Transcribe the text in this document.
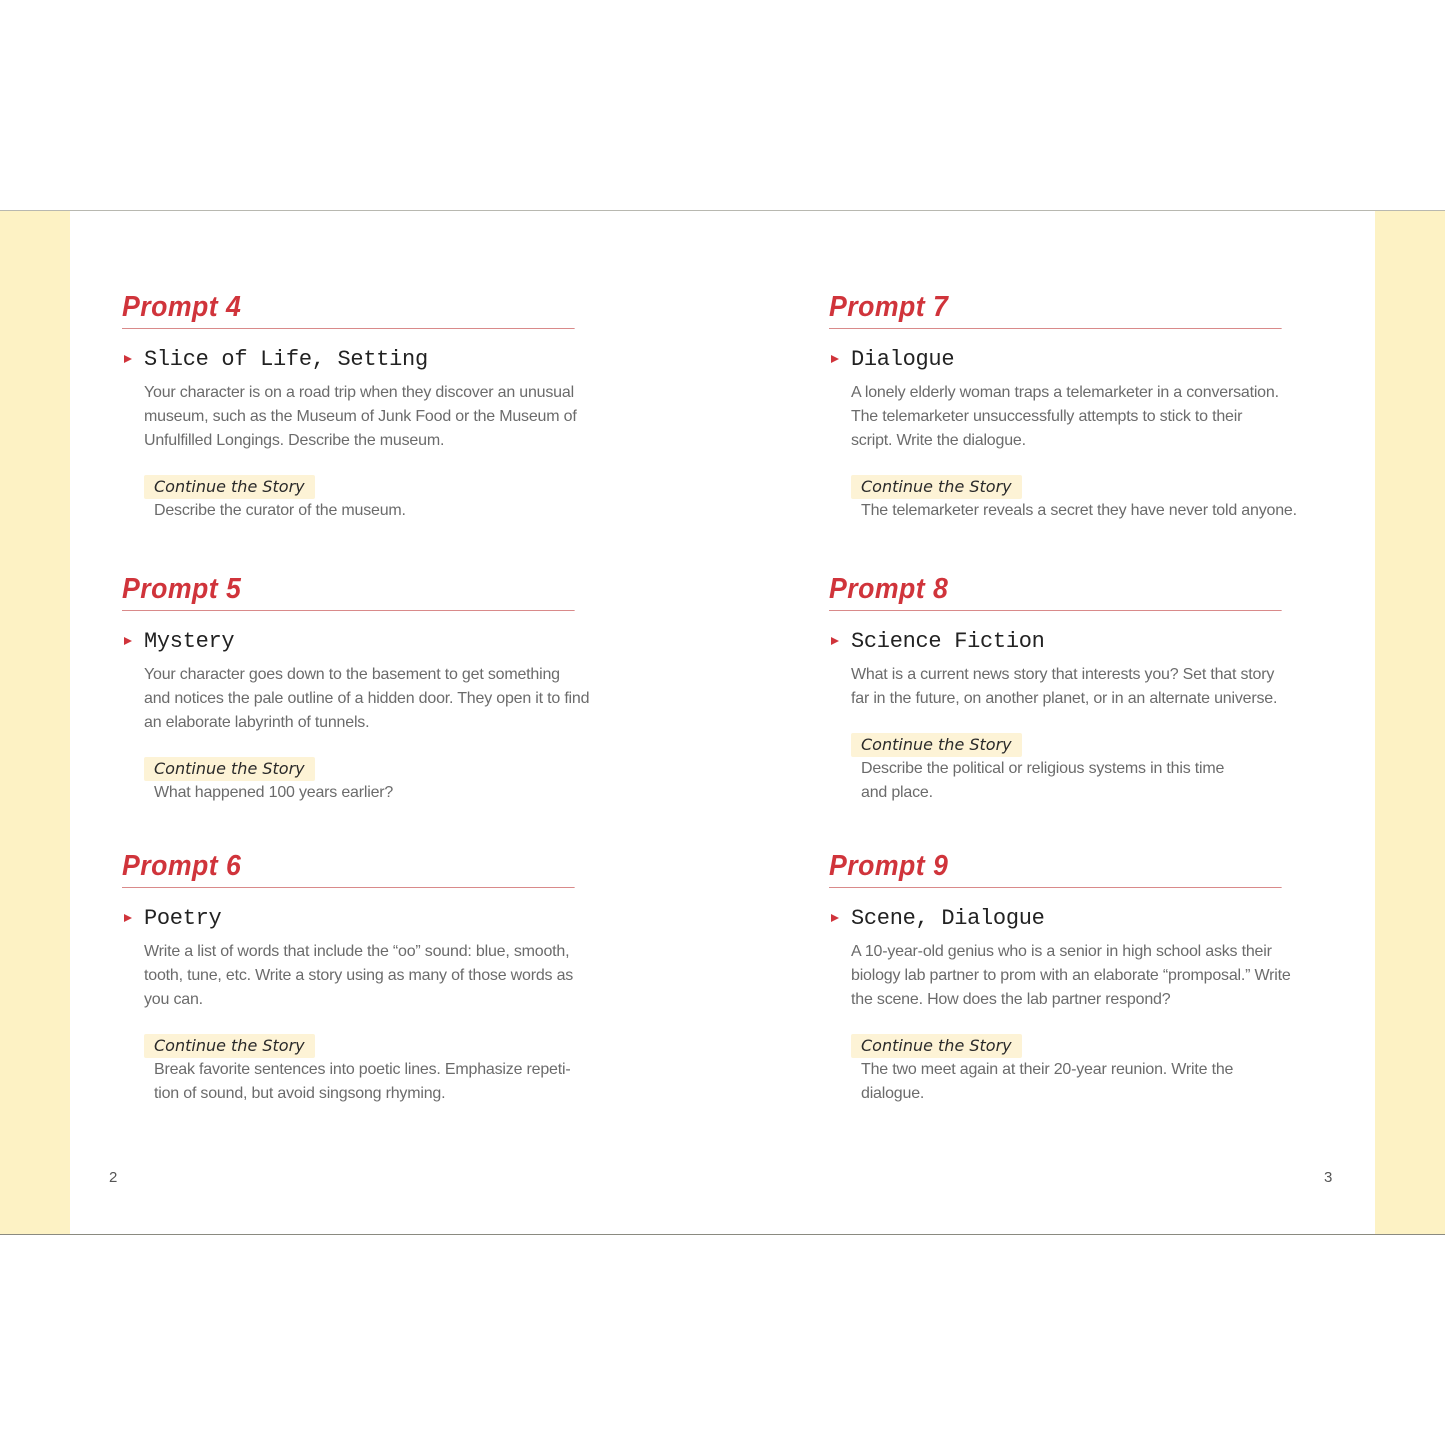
Prompt 4
Slice of Life, Setting
Your character is on a road trip when they discover an unusual
museum, such as the Museum of Junk Food or the Museum of
Unfulfilled Longings. Describe the museum.
Continue the Story
Describe the curator of the museum.
Prompt 5
Mystery
Your character goes down to the basement to get something
and notices the pale outline of a hidden door. They open it to find
an elaborate labyrinth of tunnels.
Continue the Story
What happened 100 years earlier?
Prompt 6
Poetry
Write a list of words that include the “oo” sound: blue, smooth,
tooth, tune, etc. Write a story using as many of those words as
you can.
Continue the Story
Break favorite sentences into poetic lines. Emphasize repeti-
tion of sound, but avoid singsong rhyming.
Prompt 7
Dialogue
A lonely elderly woman traps a telemarketer in a conversation.
The telemarketer unsuccessfully attempts to stick to their
script. Write the dialogue.
Continue the Story
The telemarketer reveals a secret they have never told anyone.
Prompt 8
Science Fiction
What is a current news story that interests you? Set that story
far in the future, on another planet, or in an alternate universe.
Continue the Story
Describe the political or religious systems in this time
and place.
Prompt 9
Scene, Dialogue
A 10-year-old genius who is a senior in high school asks their
biology lab partner to prom with an elaborate “promposal.” Write
the scene. How does the lab partner respond?
Continue the Story
The two meet again at their 20-year reunion. Write the
dialogue.
2	3
